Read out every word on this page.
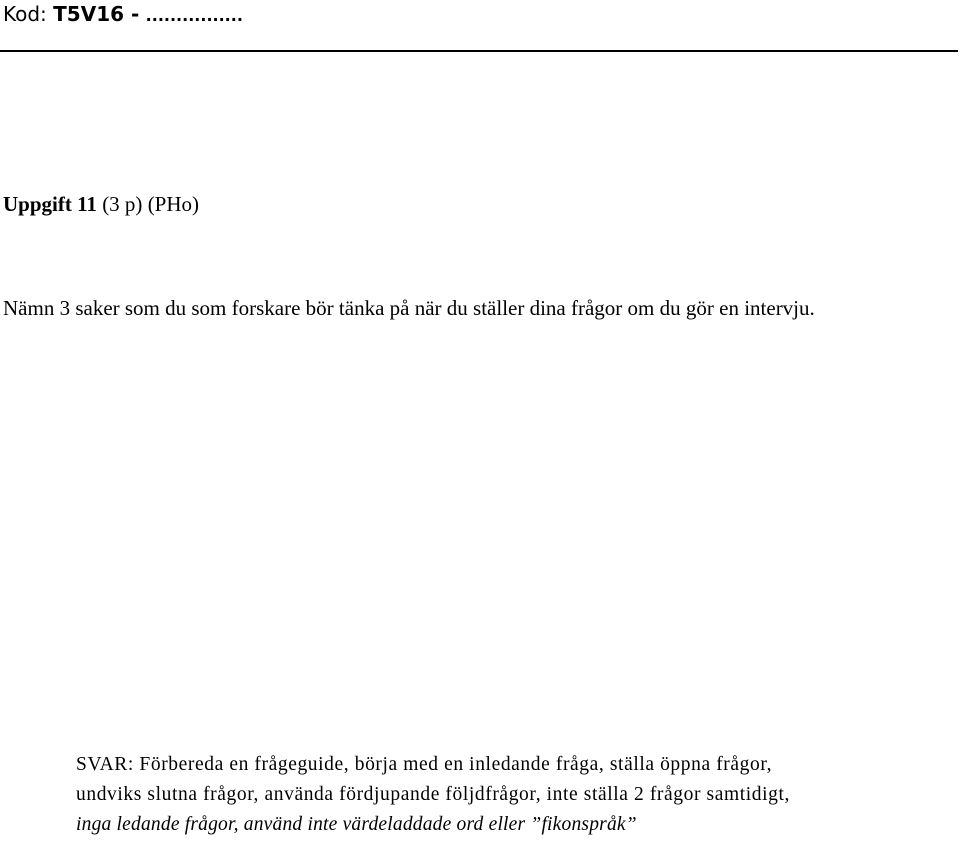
Kod: T5V16 - ................
Uppgift 11 (3 p) (PHo)
Nämn 3 saker som du som forskare bör tänka på när du ställer dina frågor om du gör en intervju.
SVAR: Förbereda en frågeguide, börja med en inledande fråga, ställa öppna frågor,
undviks slutna frågor, använda fördjupande följdfrågor, inte ställa 2 frågor samtidigt,
inga ledande frågor, använd inte värdeladdade ord eller ”fikonspråk”
